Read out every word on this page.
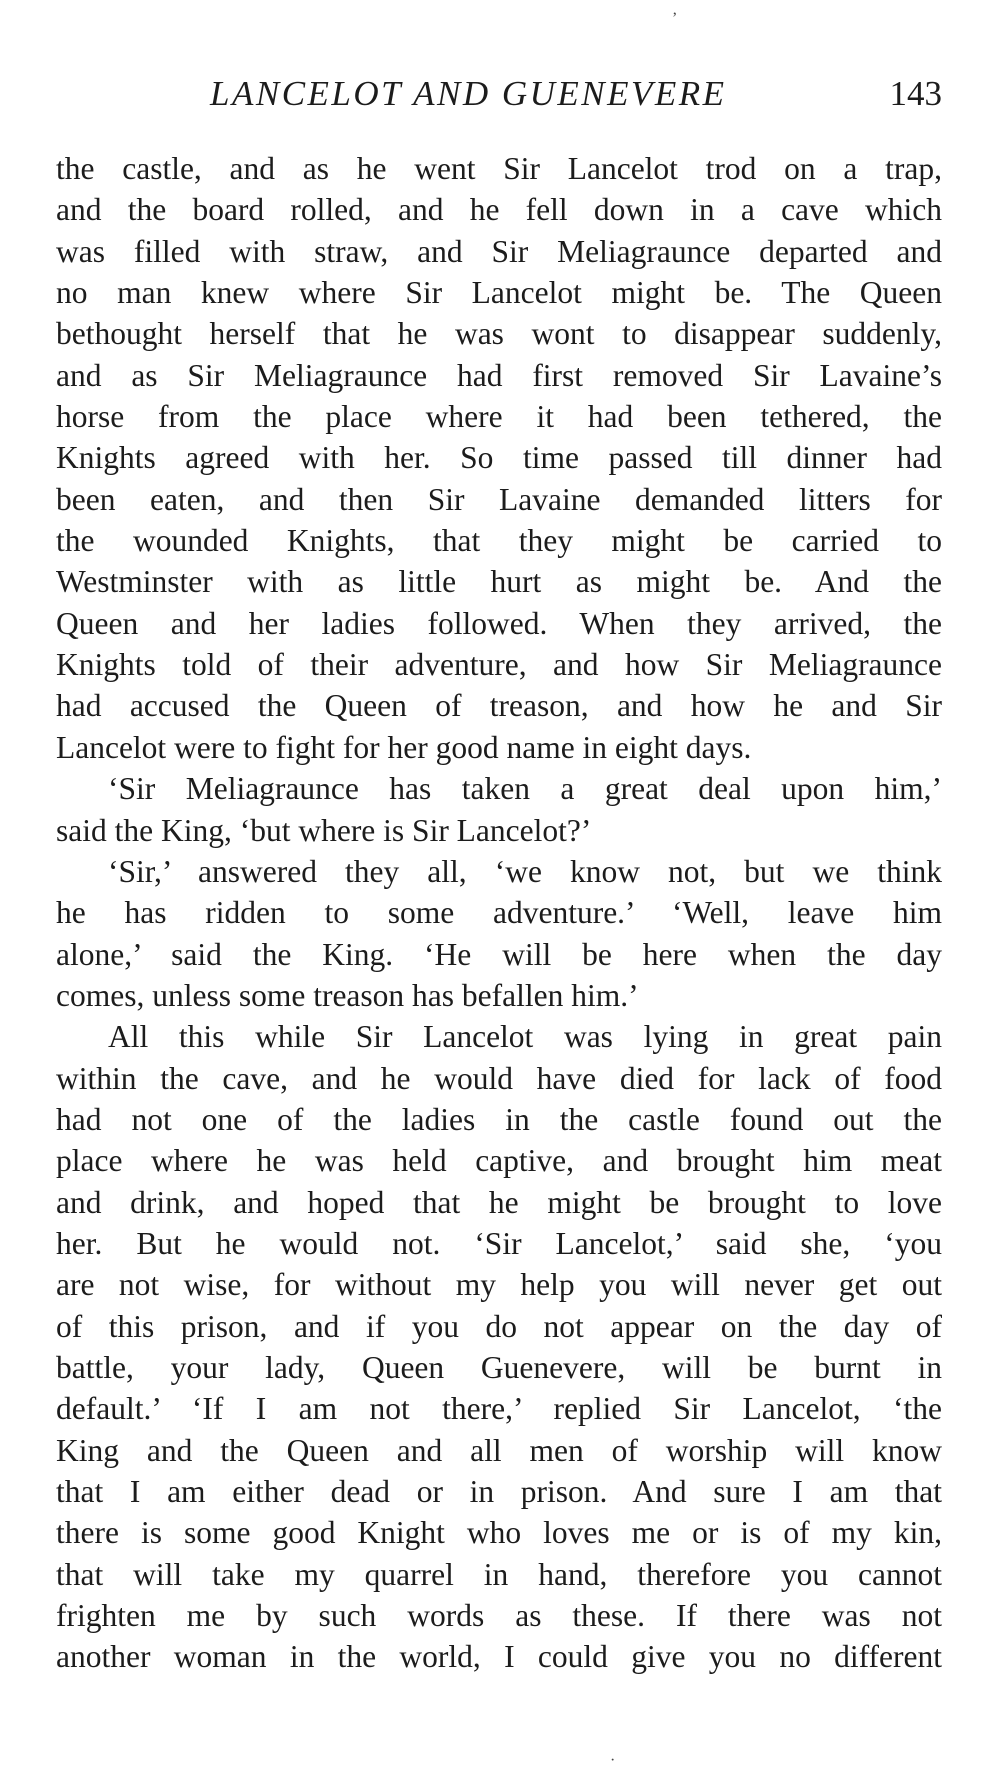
’
LANCELOT AND GUENEVERE	143
the castle, and as he went Sir Lancelot trod on a trap,
and the board rolled, and he fell down in a cave which
was filled with straw, and Sir Meliagraunce departed and
no man knew where Sir Lancelot might be. The Queen
bethought herself that he was wont to disappear suddenly,
and as Sir Meliagraunce had first removed Sir Lavaine’s
horse from the place where it had been tethered, the
Knights agreed with her. So time passed till dinner had
been eaten, and then Sir Lavaine demanded litters for
the wounded Knights, that they might be carried to
Westminster with as little hurt as might be. And the
Queen and her ladies followed. When they arrived, the
Knights told of their adventure, and how Sir Meliagraunce
had accused the Queen of treason, and how he and Sir
Lancelot were to fight for her good name in eight days.
‘Sir Meliagraunce has taken a great deal upon him,’
said the King, ‘but where is Sir Lancelot?’
‘Sir,’ answered they all, ‘we know not, but we think
he has ridden to some adventure.’ ‘Well, leave him
alone,’ said the King. ‘He will be here when the day
comes, unless some treason has befallen him.’
All this while Sir Lancelot was lying in great pain
within the cave, and he would have died for lack of food
had not one of the ladies in the castle found out the
place where he was held captive, and brought him meat
and drink, and hoped that he might be brought to love
her. But he would not. ‘Sir Lancelot,’ said she, ‘you
are not wise, for without my help you will never get out
of this prison, and if you do not appear on the day of
battle, your lady, Queen Guenevere, will be burnt in
default.’ ‘If I am not there,’ replied Sir Lancelot, ‘the
King and the Queen and all men of worship will know
that I am either dead or in prison. And sure I am that
there is some good Knight who loves me or is of my kin,
that will take my quarrel in hand, therefore you cannot
frighten me by such words as these. If there was not
another woman in the world, I could give you no different
·
